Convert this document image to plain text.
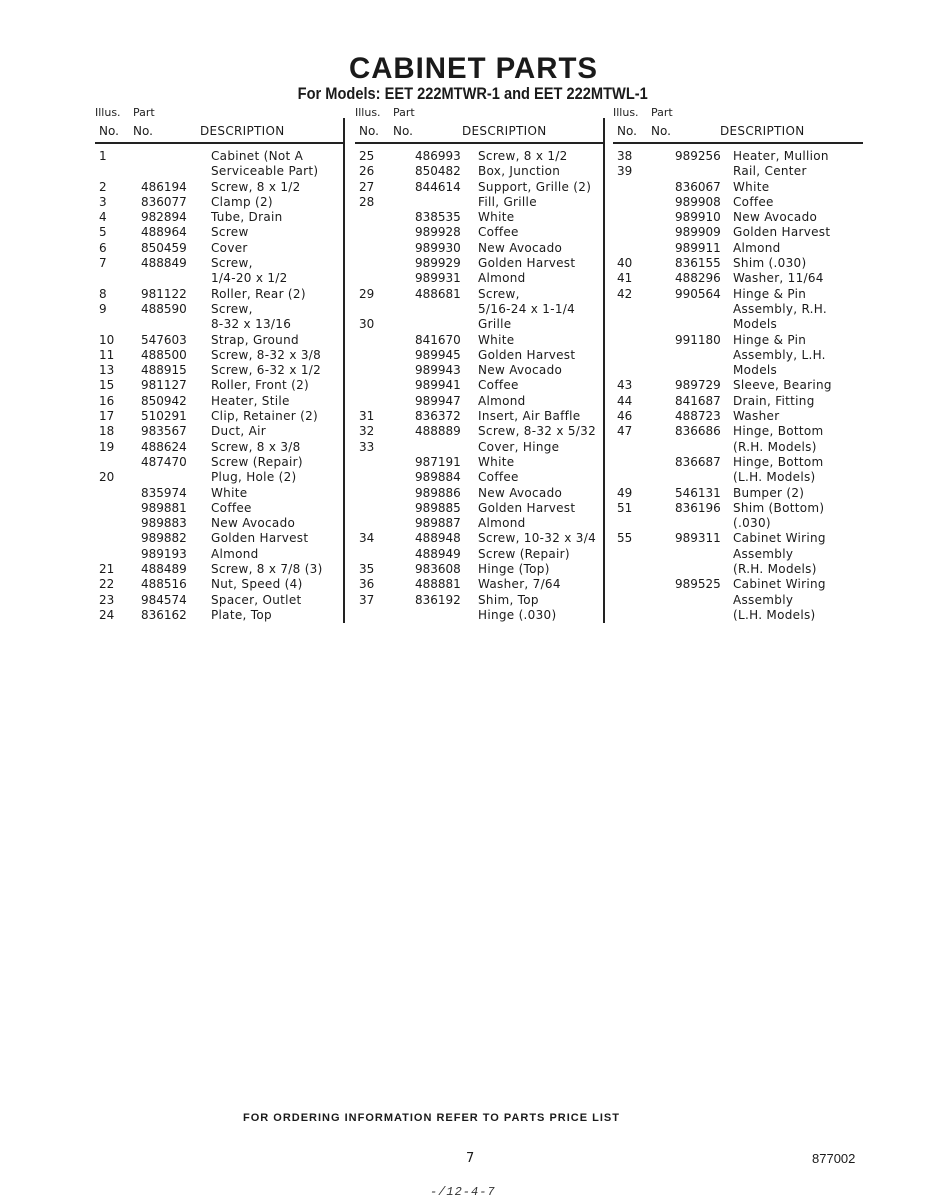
CABINET PARTS
For Models: EET 222MTWR-1 and EET 222MTWL-1
Illus. Part
No. No.	DESCRIPTION
1	Cabinet (Not A
Serviceable Part)
2	486194 Screw, 8 x 1/2
3	836077 Clamp (2)
4	982894 Tube, Drain
5	488964 Screw
6	850459 Cover
7	488849 Screw,
1/4-20 x 1/2
8	981122 Roller, Rear (2)
9	488590 Screw,
8-32 x 13/16
10 547603 Strap, Ground
11 488500 Screw, 8-32 x 3/8
13 488915 Screw, 6-32 x 1/2
15 981127 Roller, Front (2)
16 850942 Heater, Stile
17 510291 Clip, Retainer (2)
18 983567 Duct, Air
19 488624 Screw, 8 x 3/8
487470 Screw (Repair)
20	Plug, Hole (2)
835974 White
989881 Coffee
989883 New Avocado
989882 Golden Harvest
989193 Almond
21 488489 Screw, 8 x 7/8 (3)
22 488516 Nut, Speed (4)
23 984574 Spacer, Outlet
24 836162 Plate, Top
Illus. Part
No. No.	DESCRIPTION
25	486993 Screw, 8 x 1/2
26	850482 Box, Junction
27	844614 Support, Grille (2)
28	Fill, Grille
838535 White
989928 Coffee
989930 New Avocado
989929 Golden Harvest
989931 Almond
29	488681 Screw,
5/16-24 x 1-1/4
30	Grille
841670 White
989945 Golden Harvest
989943 New Avocado
989941 Coffee
989947 Almond
31	836372 Insert, Air Baffle
32	488889 Screw, 8-32 x 5/32
33	Cover, Hinge
987191 White
989884 Coffee
989886 New Avocado
989885 Golden Harvest
989887 Almond
34	488948 Screw, 10-32 x 3/4
488949 Screw (Repair)
35	983608 Hinge (Top)
36	488881 Washer, 7/64
37	836192 Shim, Top
Hinge (.030)
Illus. Part
No. No.	DESCRIPTION
38	989256 Heater, Mullion
39	Rail, Center
836067 White
989908 Coffee
989910 New Avocado
989909 Golden Harvest
989911 Almond
40	836155 Shim (.030)
41	488296 Washer, 11/64
42	990564 Hinge & Pin
Assembly, R.H.
Models
991180 Hinge & Pin
Assembly, L.H.
Models
43	989729 Sleeve, Bearing
44	841687 Drain, Fitting
46	488723 Washer
47	836686 Hinge, Bottom
(R.H. Models)
836687 Hinge, Bottom
(L.H. Models)
49	546131 Bumper (2)
51	836196 Shim (Bottom)
(.030)
55	989311 Cabinet Wiring
Assembly
(R.H. Models)
989525 Cabinet Wiring
Assembly
(L.H. Models)
FOR ORDERING INFORMATION REFER TO PARTS PRICE LIST
7	877002
-/12-4-7
